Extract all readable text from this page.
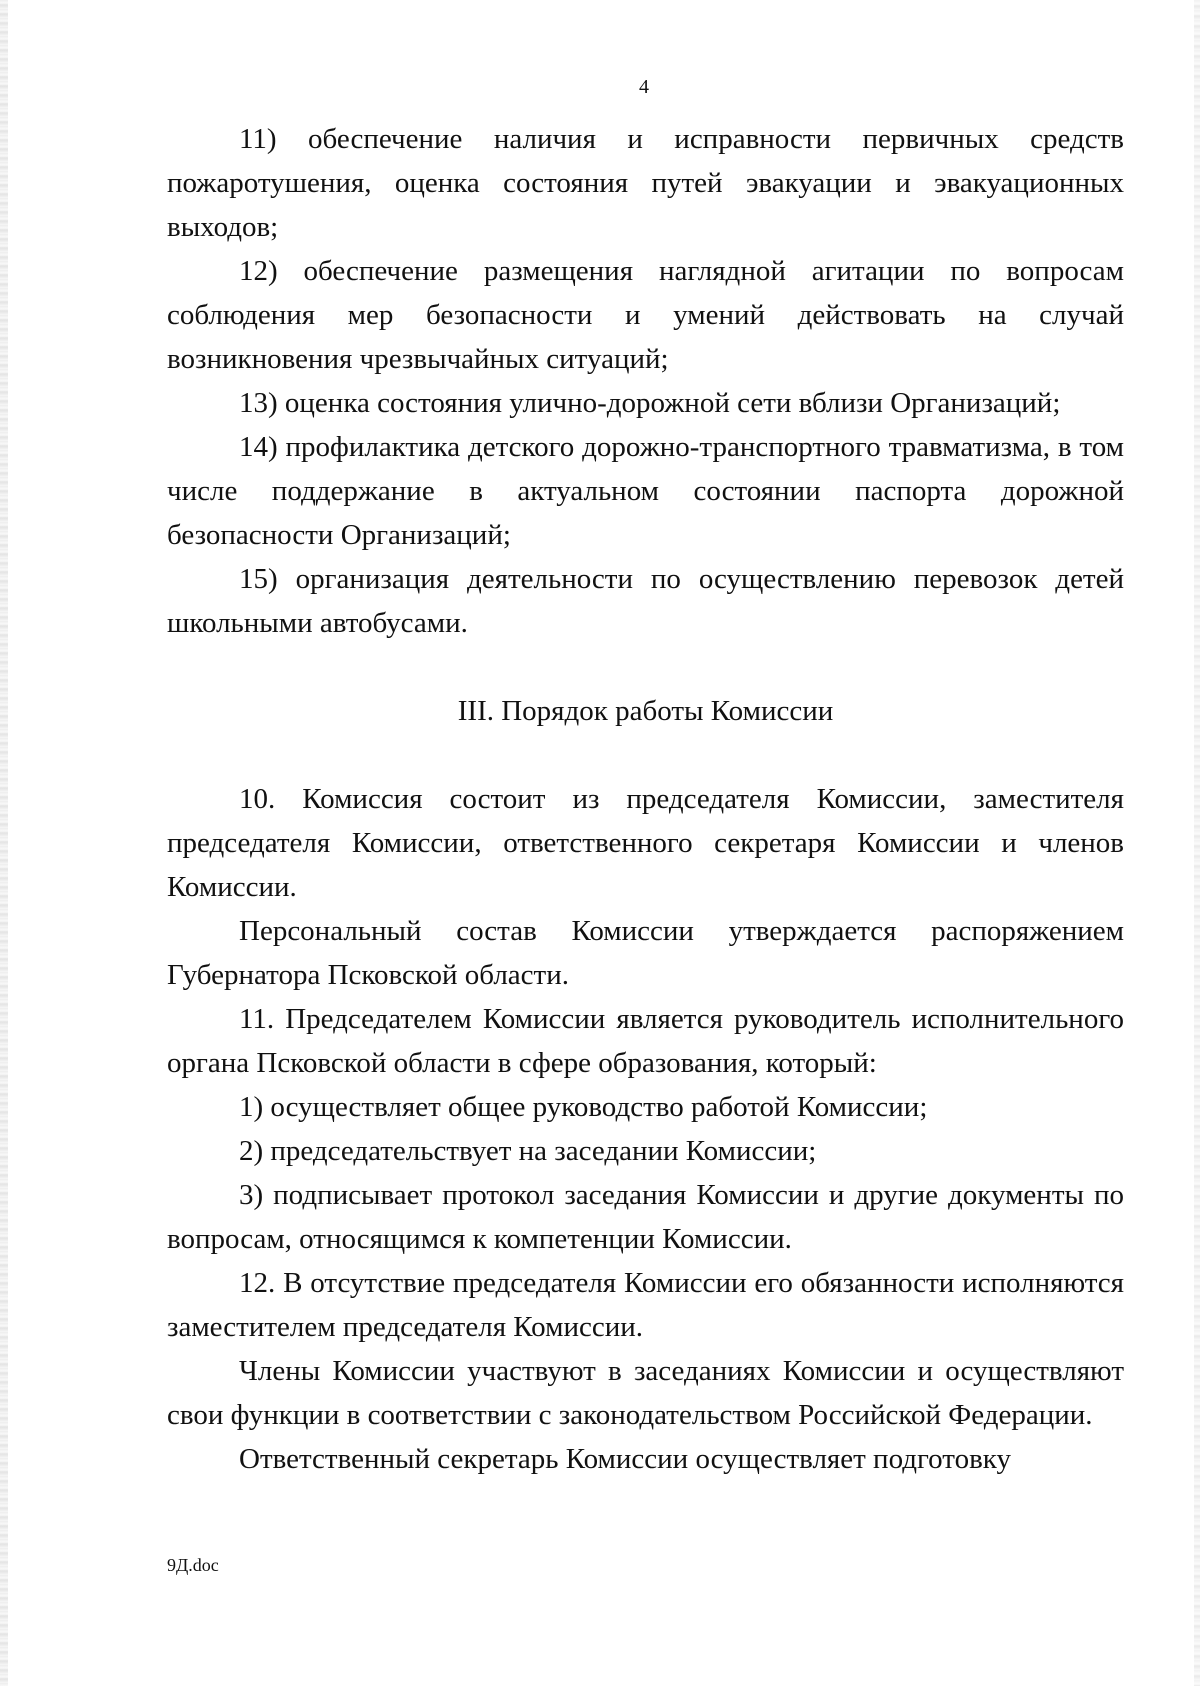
4

11) обеспечение наличия и исправности первичных средств пожаротушения, оценка состояния путей эвакуации и эвакуационных выходов;

12) обеспечение размещения наглядной агитации по вопросам соблюдения мер безопасности и умений действовать на случай возникновения чрезвычайных ситуаций;

13) оценка состояния улично-дорожной сети вблизи Организаций;

14) профилактика детского дорожно-транспортного травматизма, в том числе поддержание в актуальном состоянии паспорта дорожной безопасности Организаций;

15) организация деятельности по осуществлению перевозок детей школьными автобусами.

III. Порядок работы Комиссии

10. Комиссия состоит из председателя Комиссии, заместителя председателя Комиссии, ответственного секретаря Комиссии и членов Комиссии.

Персональный состав Комиссии утверждается распоряжением Губернатора Псковской области.

11. Председателем Комиссии является руководитель исполнительного органа Псковской области в сфере образования, который:

1) осуществляет общее руководство работой Комиссии;

2) председательствует на заседании Комиссии;

3) подписывает протокол заседания Комиссии и другие документы по вопросам, относящимся к компетенции Комиссии.

12. В отсутствие председателя Комиссии его обязанности исполняются заместителем председателя Комиссии.

Члены Комиссии участвуют в заседаниях Комиссии и осуществляют свои функции в соответствии с законодательством Российской Федерации.

Ответственный секретарь Комиссии осуществляет подготовку

9Д.doc
